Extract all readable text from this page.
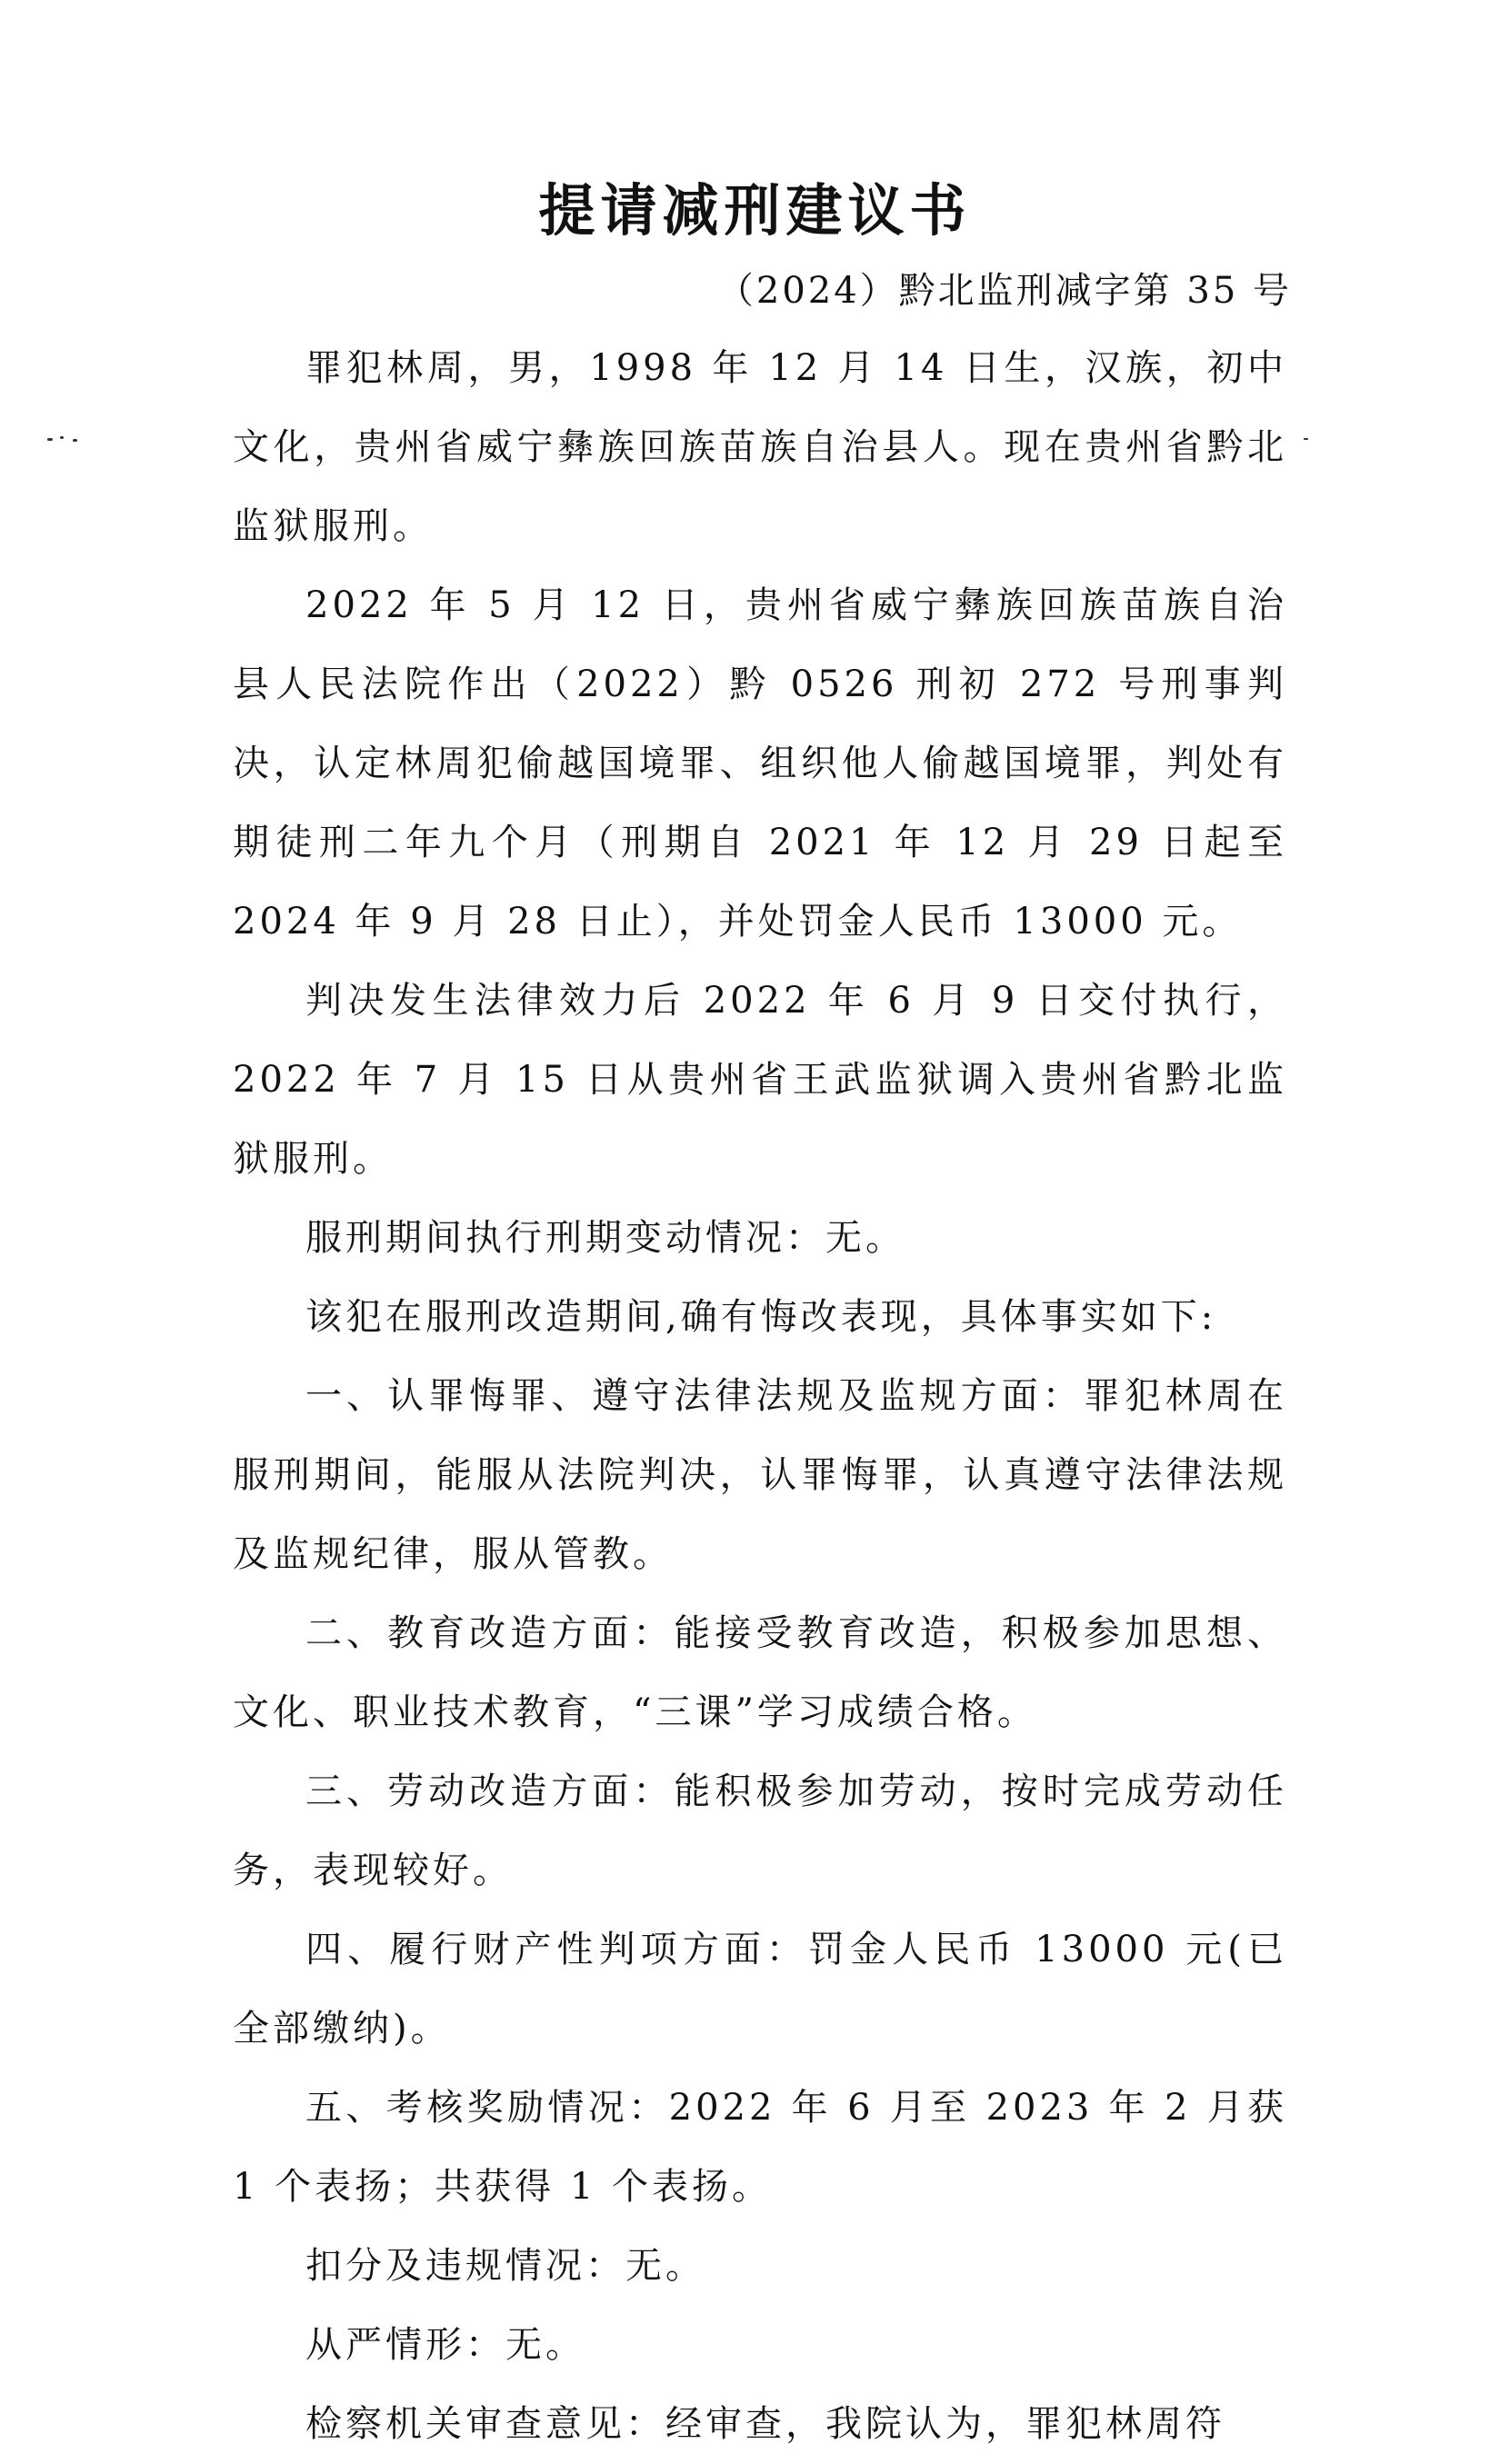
提请减刑建议书
（2024）黔北监刑减字第 35 号

罪犯林周，男，1998 年 12 月 14 日生，汉族，初中文化，贵州省威宁彝族回族苗族自治县人。现在贵州省黔北监狱服刑。

2022 年 5 月 12 日，贵州省威宁彝族回族苗族自治县人民法院作出（2022）黔 0526 刑初 272 号刑事判决，认定林周犯偷越国境罪、组织他人偷越国境罪，判处有期徒刑二年九个月（刑期自 2021 年 12 月 29 日起至 2024 年 9 月 28 日止），并处罚金人民币 13000 元。

判决发生法律效力后 2022 年 6 月 9 日交付执行，2022 年 7 月 15 日从贵州省王武监狱调入贵州省黔北监狱服刑。

服刑期间执行刑期变动情况：无。

该犯在服刑改造期间,确有悔改表现，具体事实如下:

一、认罪悔罪、遵守法律法规及监规方面：罪犯林周在服刑期间，能服从法院判决，认罪悔罪，认真遵守法律法规及监规纪律，服从管教。

二、教育改造方面：能接受教育改造，积极参加思想、文化、职业技术教育，“三课”学习成绩合格。

三、劳动改造方面：能积极参加劳动，按时完成劳动任务，表现较好。

四、履行财产性判项方面：罚金人民币 13000 元(已全部缴纳)。

五、考核奖励情况：2022 年 6 月至 2023 年 2 月获 1 个表扬；共获得 1 个表扬。

扣分及违规情况：无。

从严情形：无。

检察机关审查意见：经审查，我院认为，罪犯林周符
